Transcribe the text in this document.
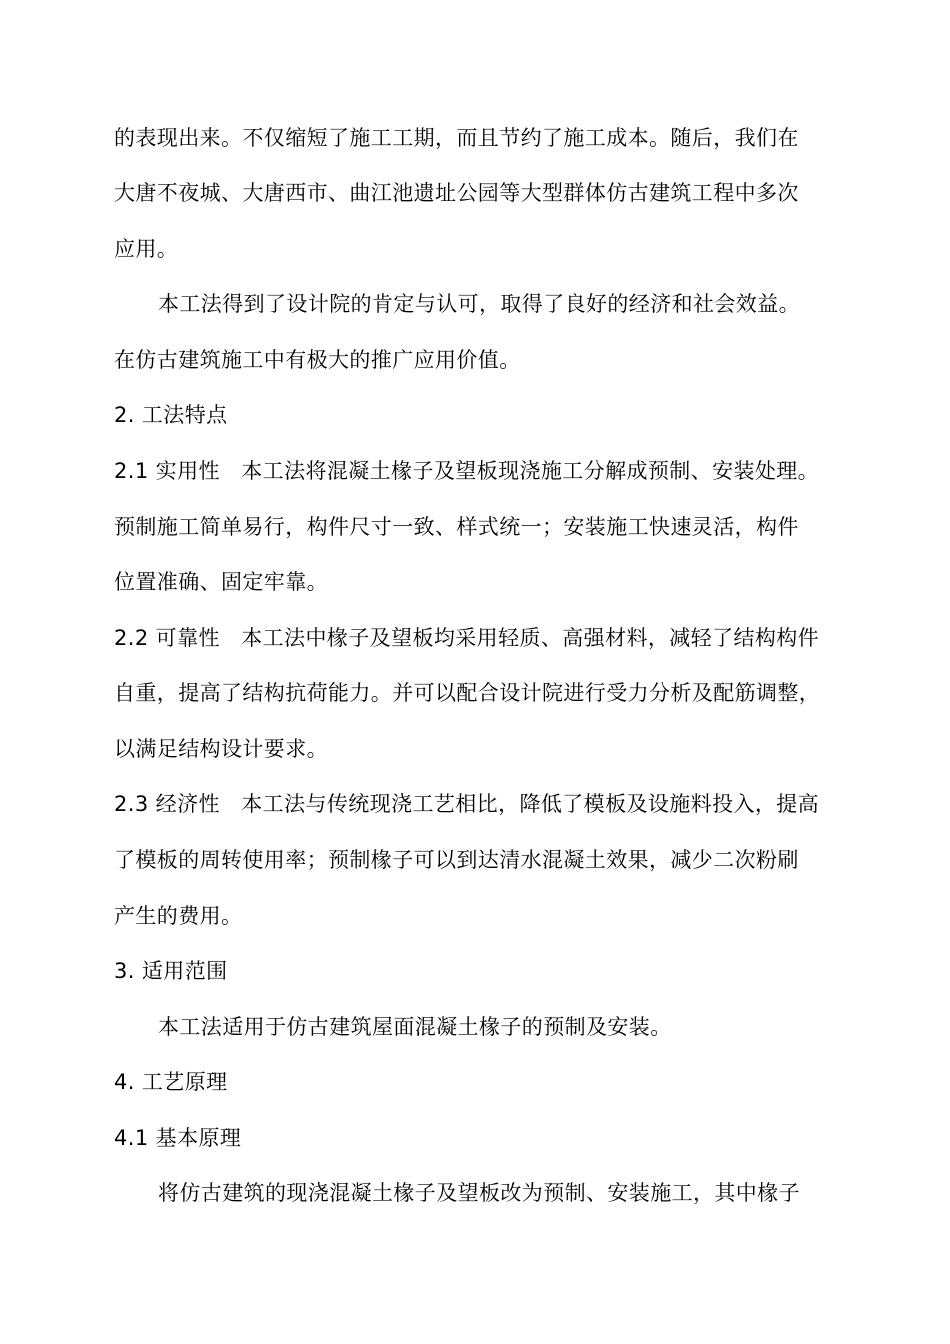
的表现出来。不仅缩短了施工工期，而且节约了施工成本。随后，我们在
大唐不夜城、大唐西市、曲江池遗址公园等大型群体仿古建筑工程中多次
应用。
本工法得到了设计院的肯定与认可，取得了良好的经济和社会效益。
在仿古建筑施工中有极大的推广应用价值。
2. 工法特点
2.1 实用性　本工法将混凝土椽子及望板现浇施工分解成预制、安装处理。
预制施工简单易行，构件尺寸一致、样式统一；安装施工快速灵活，构件
位置准确、固定牢靠。
2.2 可靠性　本工法中椽子及望板均采用轻质、高强材料，减轻了结构构件
自重，提高了结构抗荷能力。并可以配合设计院进行受力分析及配筋调整，
以满足结构设计要求。
2.3 经济性　本工法与传统现浇工艺相比，降低了模板及设施料投入，提高
了模板的周转使用率；预制椽子可以到达清水混凝土效果，减少二次粉刷
产生的费用。
3. 适用范围
本工法适用于仿古建筑屋面混凝土椽子的预制及安装。
4. 工艺原理
4.1 基本原理
将仿古建筑的现浇混凝土椽子及望板改为预制、安装施工，其中椽子
